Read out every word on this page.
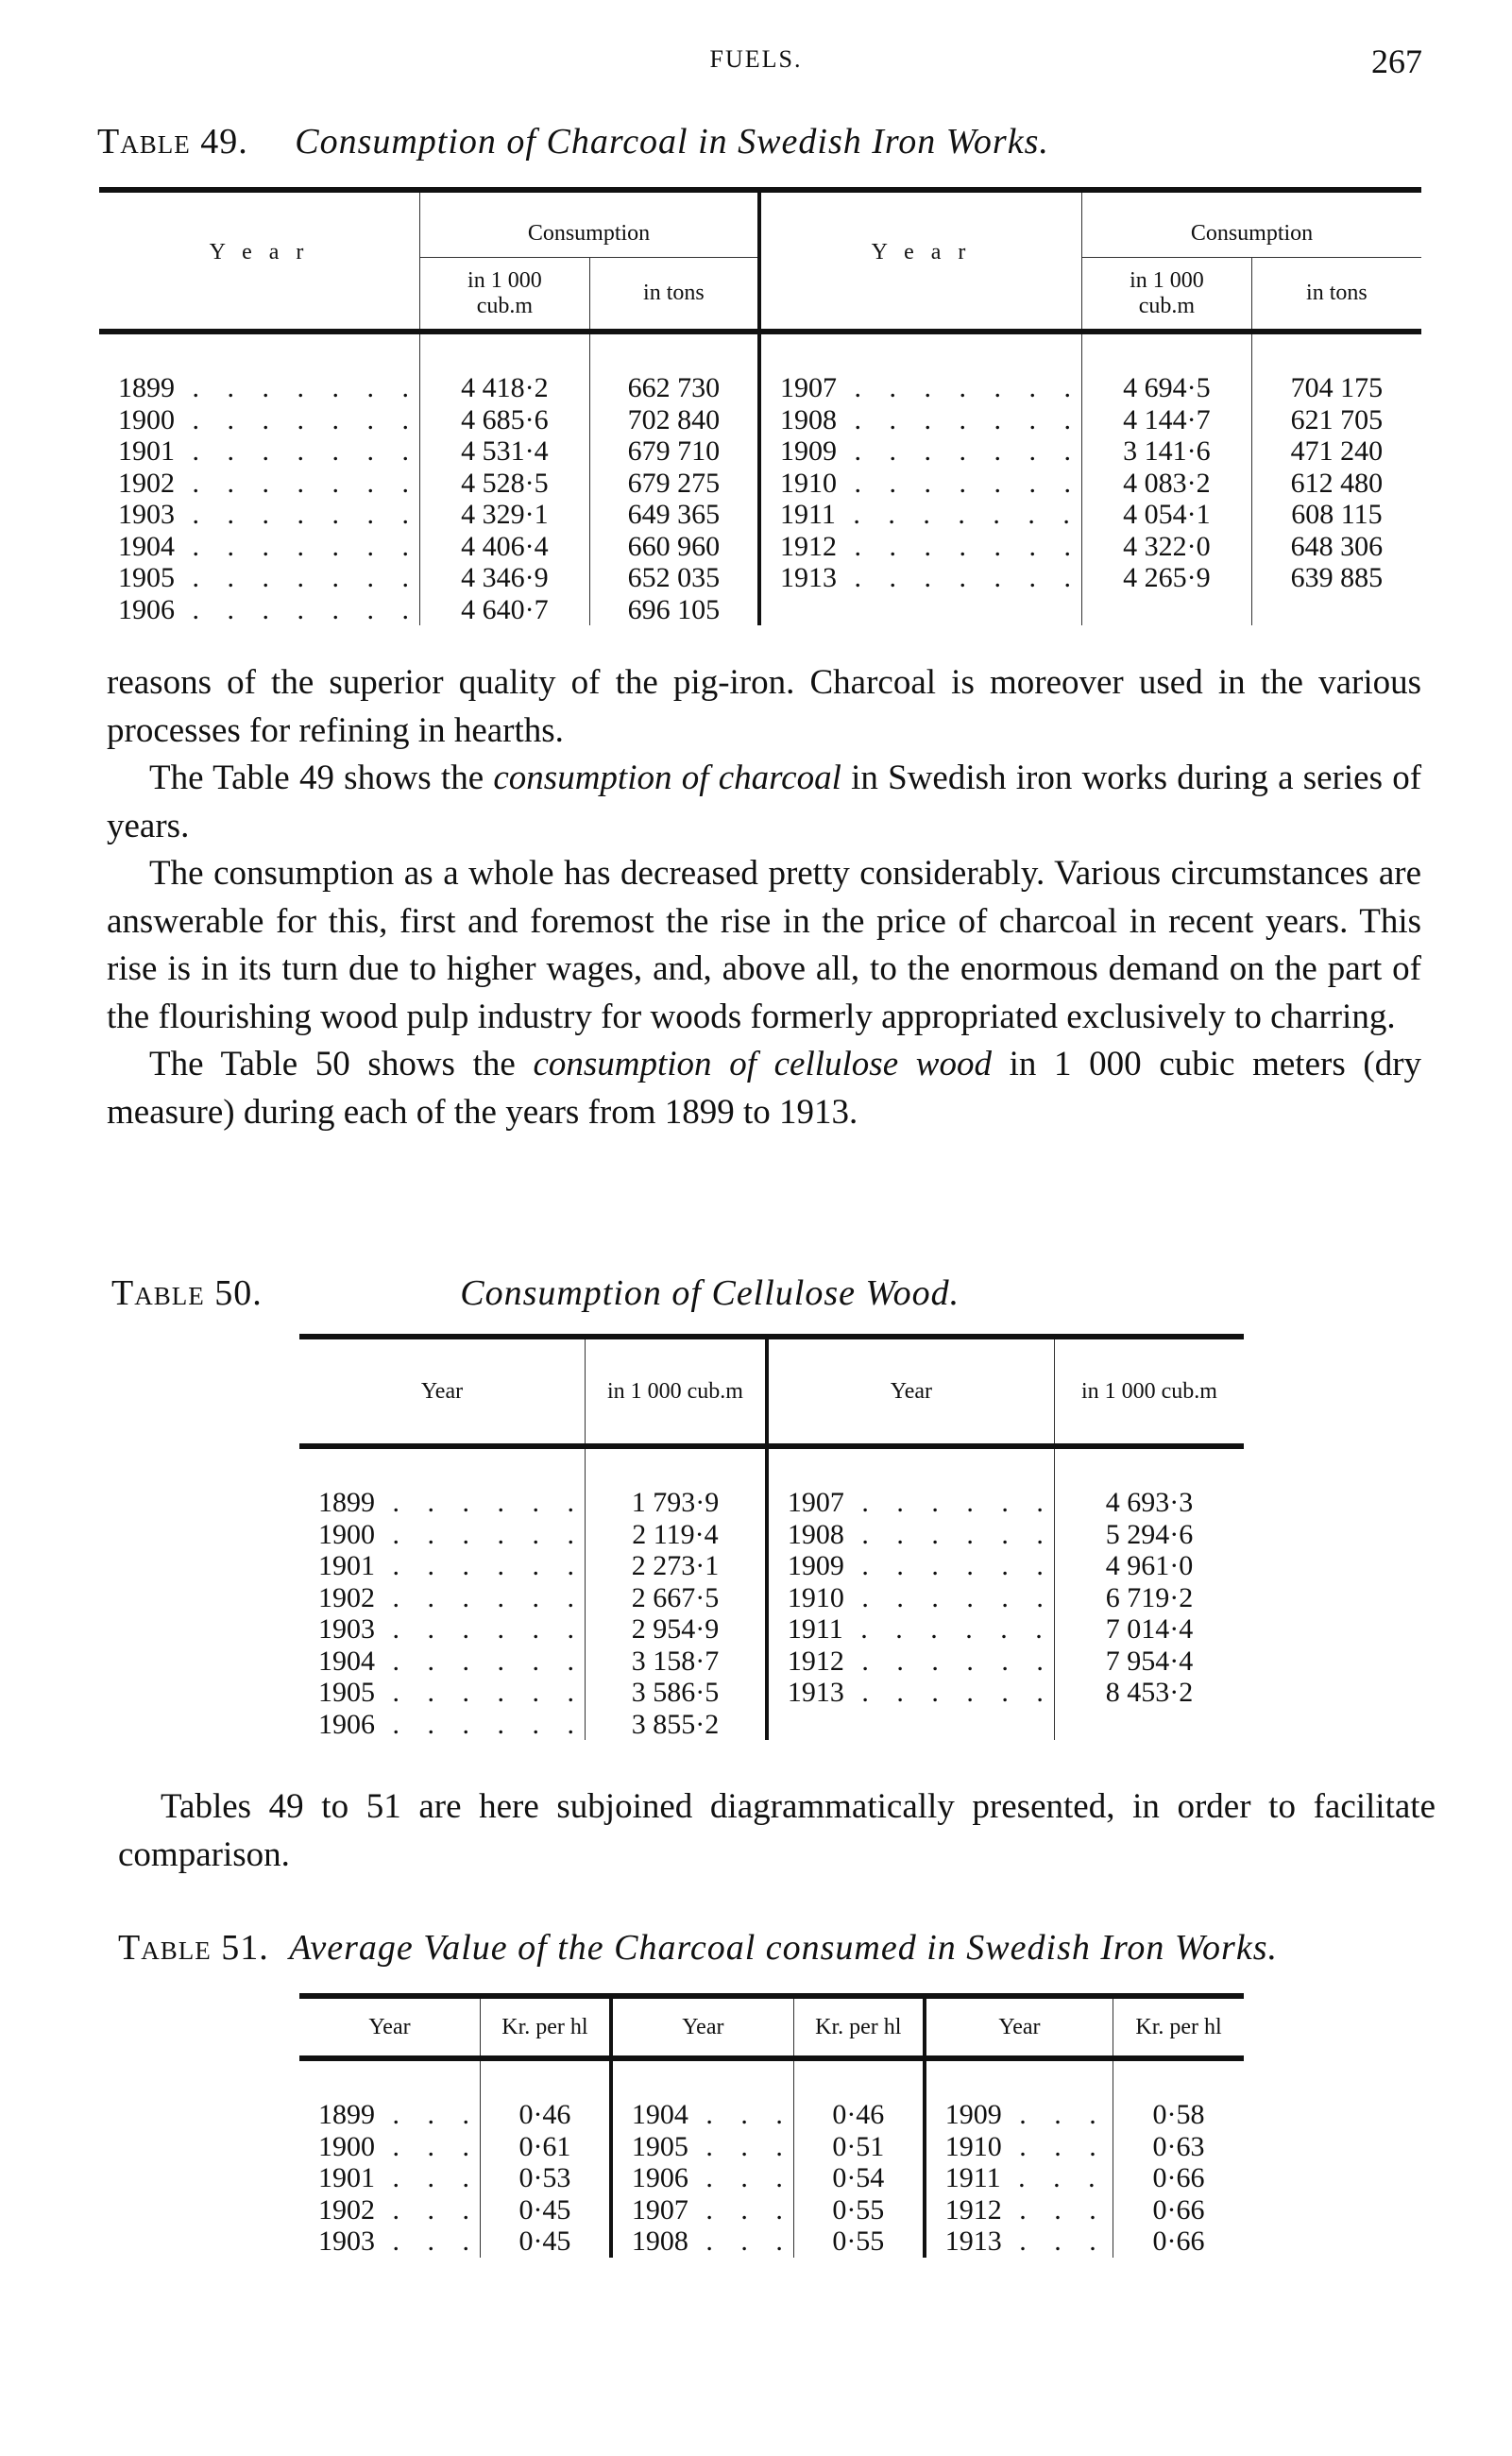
FUELS.	267
Table 49. Consumption of Charcoal in Swedish Iron Works.
Y e a r	Consumption		Y e a r	Consumption	
	in 1 000 cub.m	in tons		in 1 000 cub.m	in tons

1899 . . . . . . .	4 418·2	662 730	1907 . . . . . . .	4 694·5	704 175
1900 . . . . . . .	4 685·6	702 840	1908 . . . . . . .	4 144·7	621 705
1901 . . . . . . .	4 531·4	679 710	1909 . . . . . . .	3 141·6	471 240
1902 . . . . . . .	4 528·5	679 275	1910 . . . . . . .	4 083·2	612 480
1903 . . . . . . .	4 329·1	649 365	1911 . . . . . . .	4 054·1	608 115
1904 . . . . . . .	4 406·4	660 960	1912 . . . . . . .	4 322·0	648 306
1905 . . . . . . .	4 346·9	652 035	1913 . . . . . . .	4 265·9	639 885
1906 . . . . . . .	4 640·7	696 105			

reasons of the superior quality of the pig-iron. Charcoal is moreover used in the various processes for refining in hearths.

The Table 49 shows the consumption of charcoal in Swedish iron works during a series of years.

The consumption as a whole has decreased pretty considerably. Various circumstances are answerable for this, first and foremost the rise in the price of charcoal in recent years. This rise is in its turn due to higher wages, and, above all, to the enormous demand on the part of the flourishing wood pulp industry for woods formerly appropriated exclusively to charring.

The Table 50 shows the consumption of cellulose wood in 1 000 cubic meters (dry measure) during each of the years from 1899 to 1913.

Table 50.	Consumption of Cellulose Wood.
Year	in 1 000 cub.m	Year	in 1 000 cub.m

1899 . . . . . .	1 793·9	1907 . . . . . .	4 693·3
1900 . . . . . .	2 119·4	1908 . . . . . .	5 294·6
1901 . . . . . .	2 273·1	1909 . . . . . .	4 961·0
1902 . . . . . .	2 667·5	1910 . . . . . .	6 719·2
1903 . . . . . .	2 954·9	1911 . . . . . .	7 014·4
1904 . . . . . .	3 158·7	1912 . . . . . .	7 954·4
1905 . . . . . .	3 586·5	1913 . . . . . .	8 453·2
1906 . . . . . .	3 855·2		

Tables 49 to 51 are here subjoined diagrammatically presented, in order to facilitate comparison.

Table 51. Average Value of the Charcoal consumed in Swedish Iron Works.
Year	Kr. per hl	Year	Kr. per hl	Year	Kr. per hl

1899 . . .	0·46	1904 . . .	0·46	1909 . . .	0·58
1900 . . .	0·61	1905 . . .	0·51	1910 . . .	0·63
1901 . . .	0·53	1906 . . .	0·54	1911 . . .	0·66
1902 . . .	0·45	1907 . . .	0·55	1912 . . .	0·66
1903 . . .	0·45	1908 . . .	0·55	1913 . . .	0·66
